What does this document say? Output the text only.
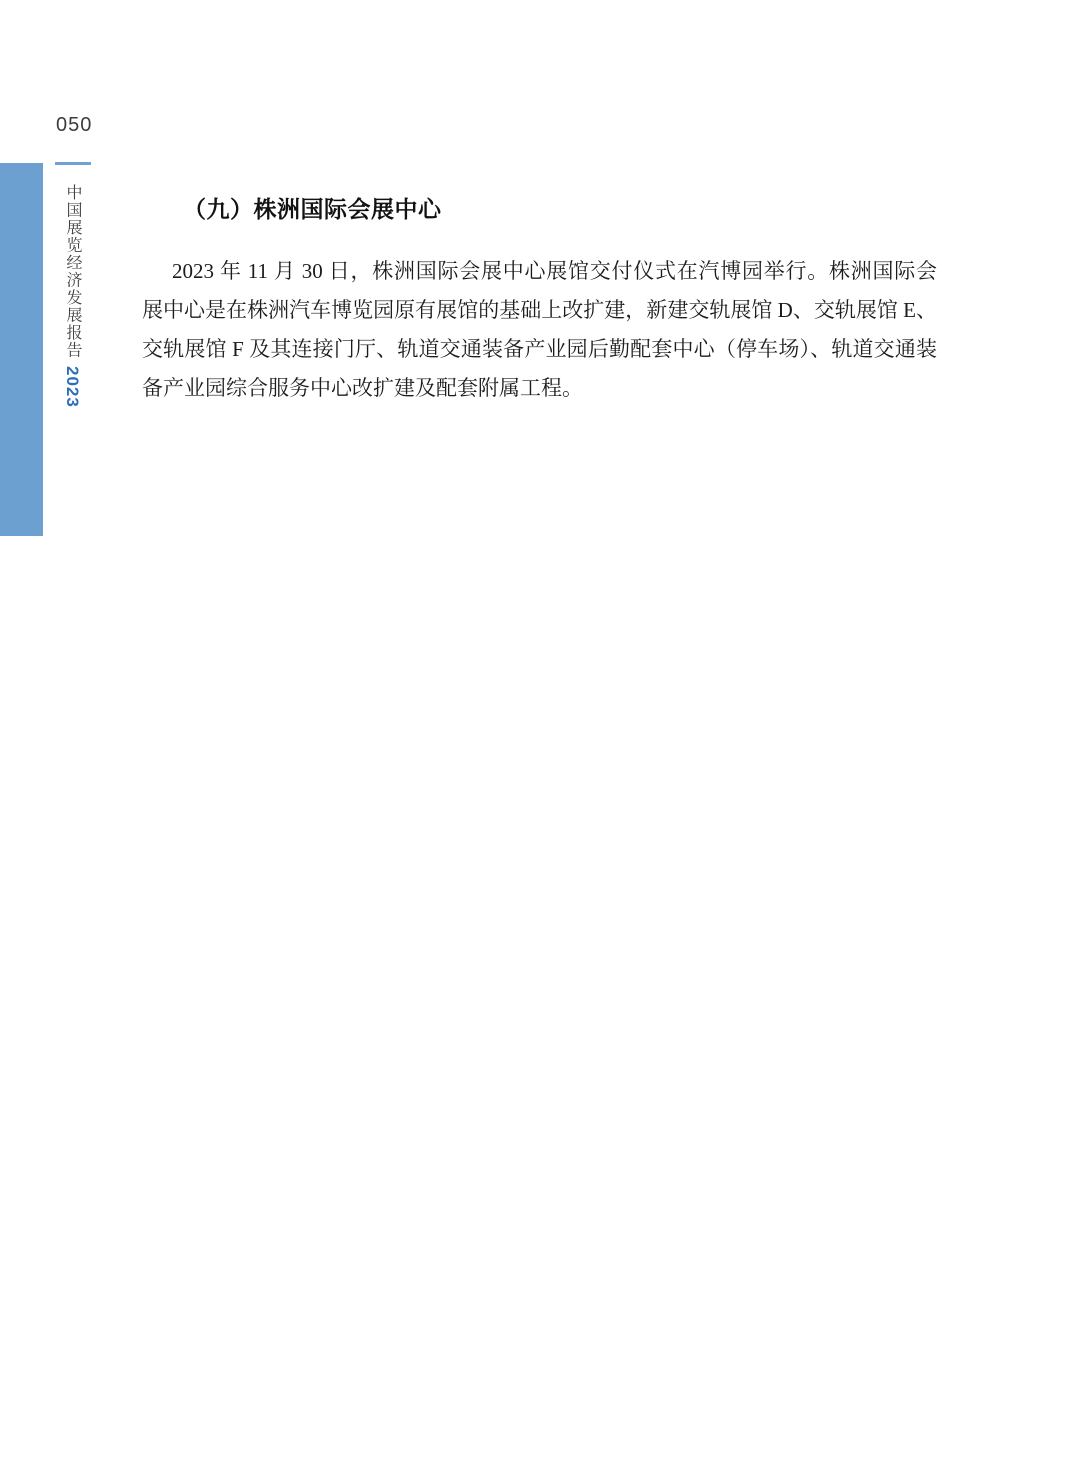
050
中国展览经济发展报告2023
（九）株洲国际会展中心
2023 年 11 月 30 日，株洲国际会展中心展馆交付仪式在汽博园举行。株洲国际会
展中心是在株洲汽车博览园原有展馆的基础上改扩建，新建交轨展馆 D、交轨展馆 E、
交轨展馆 F 及其连接门厅、轨道交通装备产业园后勤配套中心（停车场）、轨道交通装
备产业园综合服务中心改扩建及配套附属工程。
